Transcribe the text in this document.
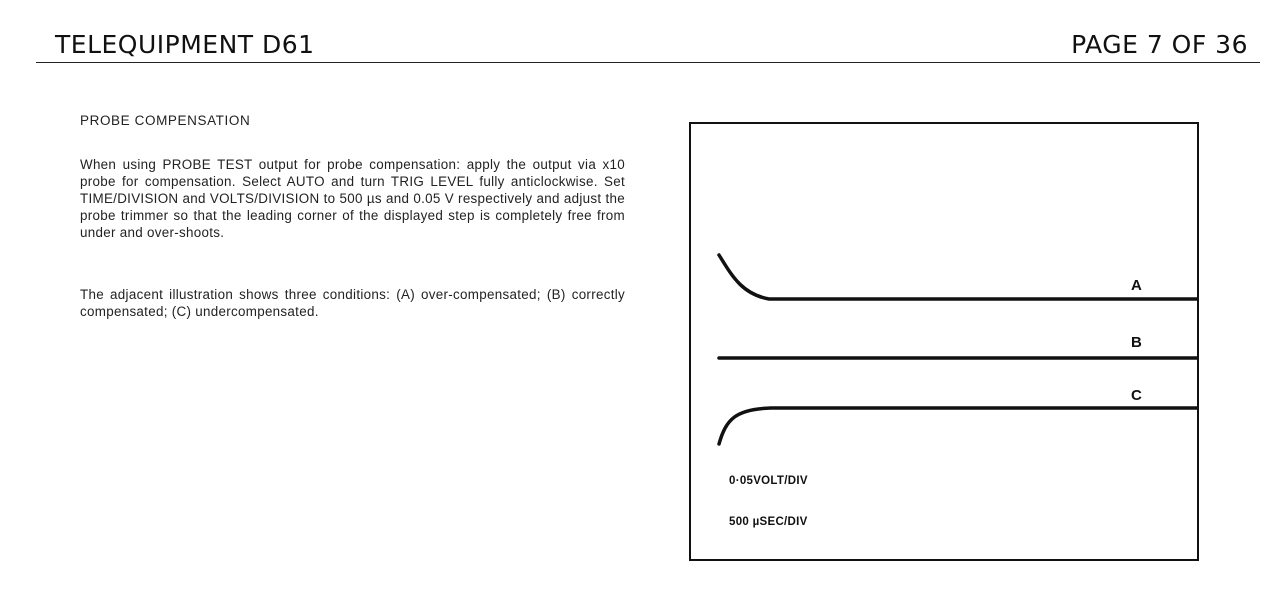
TELEQUIPMENT D61	PAGE 7 OF 36
PROBE COMPENSATION
When using PROBE TEST output for probe compensation: apply the output via x10 probe for compensation. Select AUTO and turn TRIG LEVEL fully anticlockwise. Set TIME/DIVISION and VOLTS/DIVISION to 500 µs and 0.05 V respectively and adjust the probe trimmer so that the leading corner of the displayed step is completely free from under and over-shoots.
The adjacent illustration shows three conditions: (A) over-compensated; (B) correctly compensated; (C) undercompensated.
A
B
C
0·05VOLT/DIV
500 µSEC/DIV
